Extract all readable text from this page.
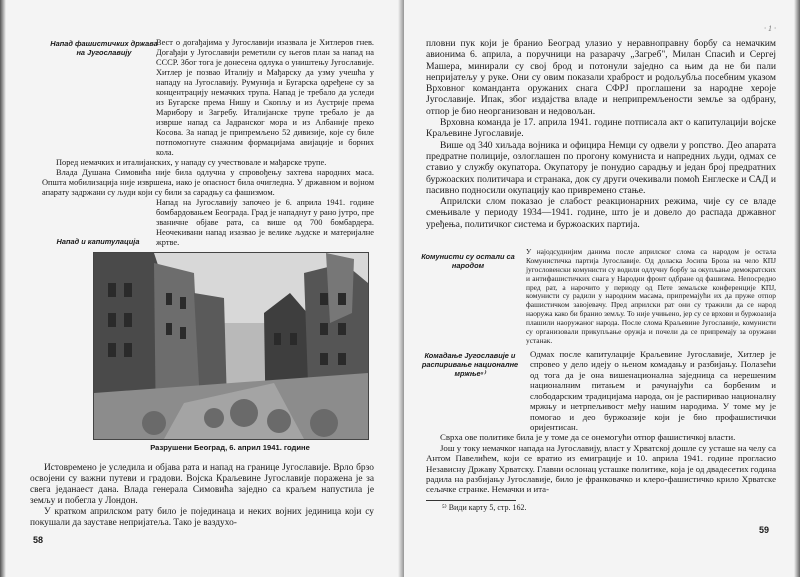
Напад фашистичких држава на Југославију

Вест о догађајима у Југославији изазвала је Хитлеров гнев. Догађаји у Југославији реметили су његов план за напад на СССР. Због тога је донесена одлука о уништењу Југославије. Хитлер је позвао Италију и Мађарску да узму учешћа у нападу на Југославију. Румунија и Бугарска одређене су за концентрацију немачких трупа. Напад је требало да уследи из Бугарске према Нишу и Скопљу и из Аустрије према Марибору и Загребу. Италијанске трупе требало је да изврше напад са Јадранског мора и из Албаније преко Косова. За напад је припремљено 52 дивизије, које су биле потпомогнуте снажним формацијама авијације и борних кола.

Поред немачких и италијанских, у нападу су учествовале и мађарске трупе.

Влада Душана Симовића није била одлучна у спровођењу захтева народних маса. Општа мобилизација није извршена, иако је опасност била очигледна. У државном и војном апарату задржани су људи који су били за сарадњу са фашизмом.

Напад на Југославију започео је 6. априла 1941. године бомбардовањем Београда. Град је нападнут у рано јутро, пре званичне објаве рата, са више од 700 бомбардера. Неочекивани напад изазвао је велике људске и материјалне жртве.

Напад и капитулација
Разрушени Београд, 6. април 1941. године

Истовремено је уследила и објава рата и напад на границе Југославије. Врло брзо освојени су важни путеви и градови. Војска Краљевине Југославије поражена је за свега једанаест дана. Влада генерала Симовића заједно са краљем напустила је земљу и побегла у Лондон.

У кратком априлском рату било је појединаца и неких војних јединица који су покушали да зауставе непријатеља. Тако је ваздухо-

58

пловни пук који је бранио Београд улазио у неравноправну борбу са немачким авионима 6. априла, а поручници на разарачу „Загреб", Милан Спасић и Сергеј Машера, минирали су свој брод и потонули заједно са њим да не би пали непријатељу у руке. Они су овим показали храброст и родољубља посебним указом Врховног команданта оружаних снага СФРЈ проглашени за народне хероје Југославије. Ипак, због издајства владе и неприпремљености земље за одбрану, отпор је био неорганизован и недовољан.

Врховна команда је 17. априла 1941. године потписала акт о капитулацији војске Краљевине Југославије.

Више од 340 хиљада војника и официра Немци су одвели у ропство. Део апарата предратне полиције, озлоглашен по прогону комуниста и напредних људи, одмах се ставио у службу окупатора. Окупатору је понудио сарадњу и један број предратних буржоаских политичара и странака, док су други очекивали помоћ Енглеске и САД и пасивно подносили окупацију као привремено стање.

Априлски слом показао је слабост реакционарних режима, чије су се владе смењивале у периоду 1934—1941. године, што је и довело до распада државног уређења, политичког система и буржоаских партија.

Комунисти су остали са народом

У најодсуднијим данима после априлског слома са народом је остала Комунистичка партија Југославије. Од доласка Јосипа Броза на чело КПЈ југословенски комунисти су водили одлучну борбу за окупљање демократских и антифашистичких снага у Народни фронт одбране од фашизма. Непосредно пред рат, а нарочито у периоду од Пете земаљске конференције КПЈ, комунисти су радили у народним масама, припремајући их да пруже отпор фашистичком завојевачу. Пред априлски рат они су тражили да се народ наоружа како би бранио земљу. То није учињено, јер су се врхови и буржоазија плашили наоружаног народа. После слома Краљевине Југославије, комунисти су организовали прикупљање оружја и почели да се припремају за оружани устанак.

Комадање Југославије и распиривање националне мржње⁵⁾

Одмах после капитулације Краљевине Југославије, Хитлер је спровео у дело идеју о њеном комадању и разбијању. Полазећи од тога да је она вишенационална заједница са нерешеним националним питањем и рачунајући са борбеним и слободарским традицијама народа, он је распиривао националну мржњу и нетрпељивост међу нашим народима. У томе му је помогао и део буржоазије који је био профашистички оријентисан.

Сврха ове политике била је у томе да се онемогући отпор фашистичкој власти.

Још у току немачког напада на Југославију, власт у Хрватској дошле су усташе на челу са Антом Павелићем, који се вратио из емиграције и 10. априла 1941. године прогласио Независну Државу Хрватску. Главни ослонац усташке политике, која је од двадесетих година радила на разбијању Југославије, било је франковачко и клеро-фашистичко крило Хрватске сељачке странке. Немачки и ита-

⁵⁾ Види карту 5, стр. 162.
59
· 1 ·
